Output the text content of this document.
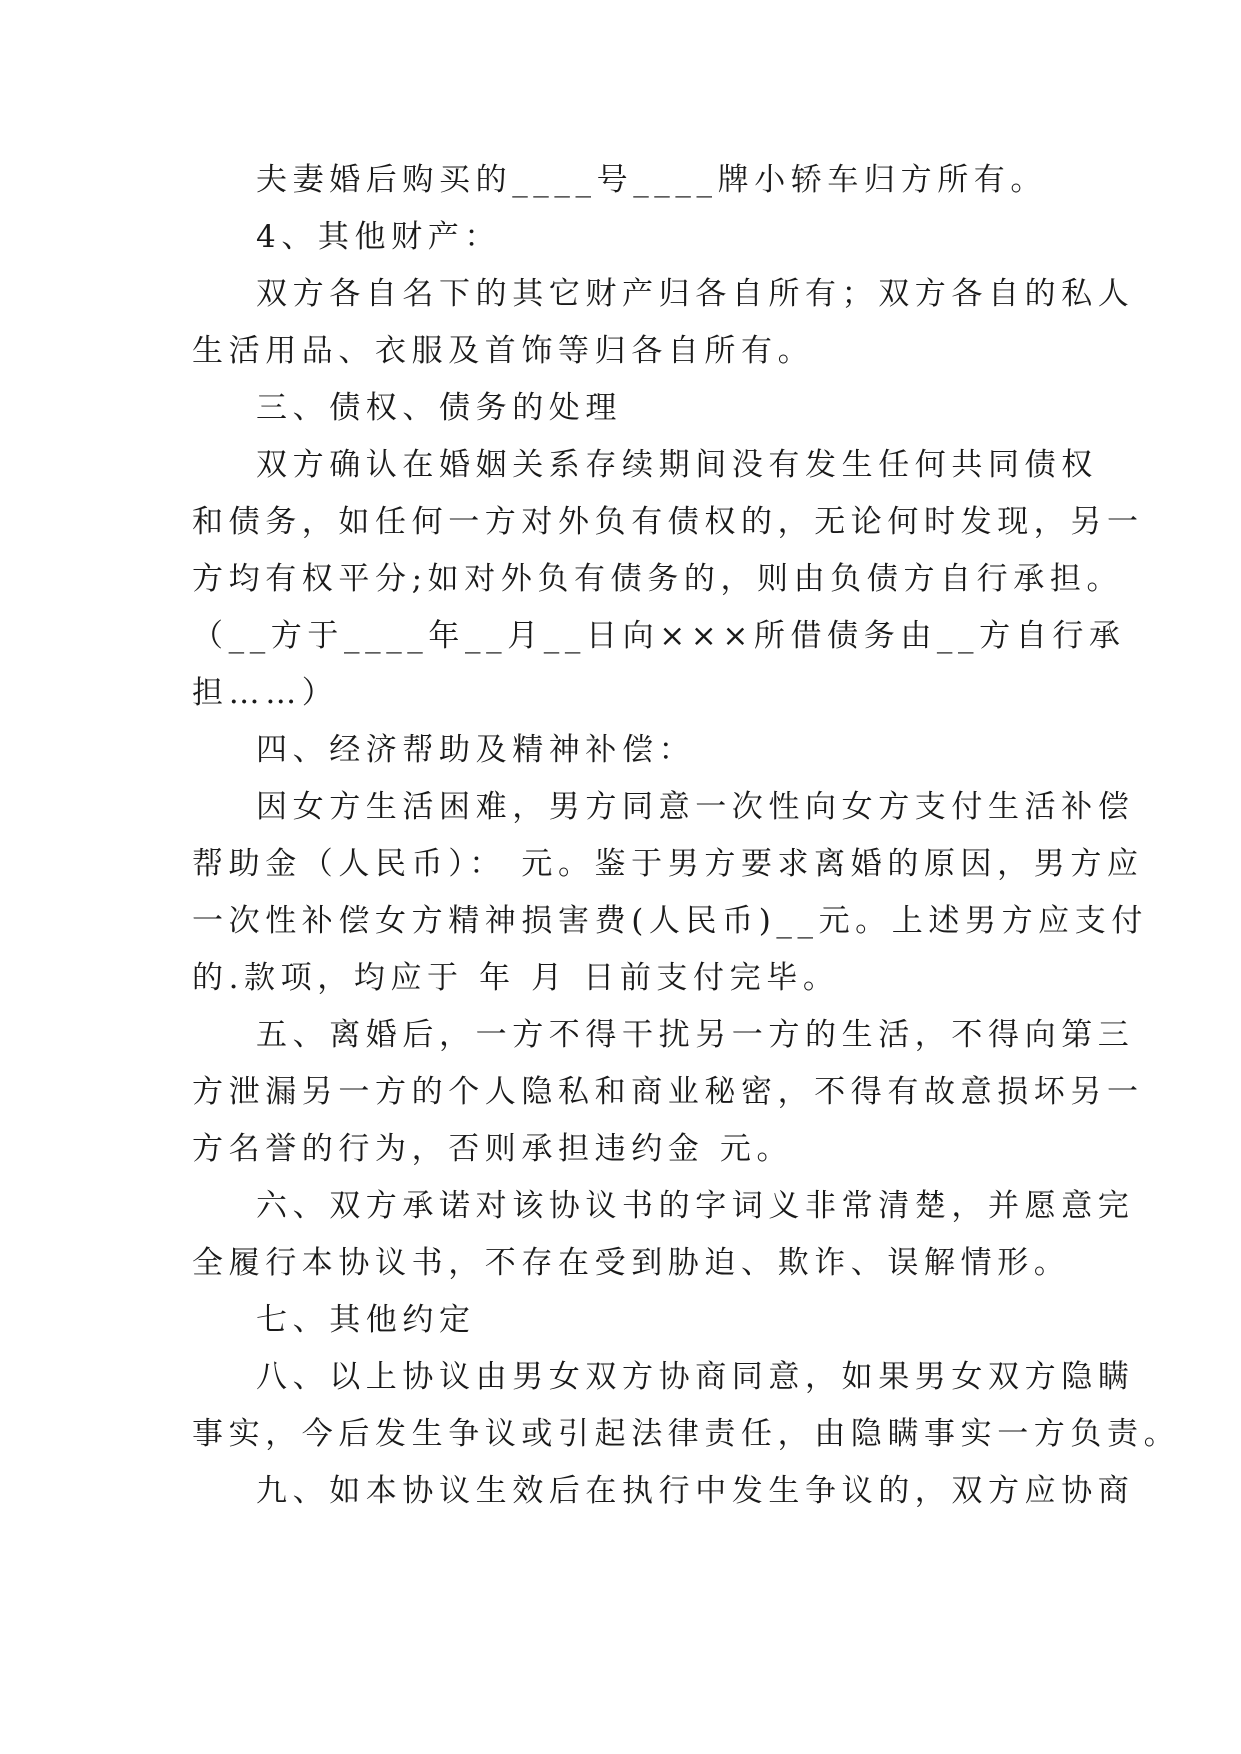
夫妻婚后购买的____号____牌小轿车归方所有。
4、其他财产：
双方各自名下的其它财产归各自所有；双方各自的私人
生活用品、衣服及首饰等归各自所有。
三、债权、债务的处理
双方确认在婚姻关系存续期间没有发生任何共同债权
和债务，如任何一方对外负有债权的，无论何时发现，另一
方均有权平分;如对外负有债务的，则由负债方自行承担。
（__方于____年__月__日向×××所借债务由__方自行承
担……）
四、经济帮助及精神补偿：
因女方生活困难，男方同意一次性向女方支付生活补偿
帮助金（人民币）： 元。鉴于男方要求离婚的原因，男方应
一次性补偿女方精神损害费(人民币)__元。上述男方应支付
的.款项，均应于 年 月 日前支付完毕。
五、离婚后，一方不得干扰另一方的生活，不得向第三
方泄漏另一方的个人隐私和商业秘密，不得有故意损坏另一
方名誉的行为，否则承担违约金 元。
六、双方承诺对该协议书的字词义非常清楚，并愿意完
全履行本协议书，不存在受到胁迫、欺诈、误解情形。
七、其他约定
八、以上协议由男女双方协商同意，如果男女双方隐瞒
事实，今后发生争议或引起法律责任，由隐瞒事实一方负责。
九、如本协议生效后在执行中发生争议的，双方应协商
